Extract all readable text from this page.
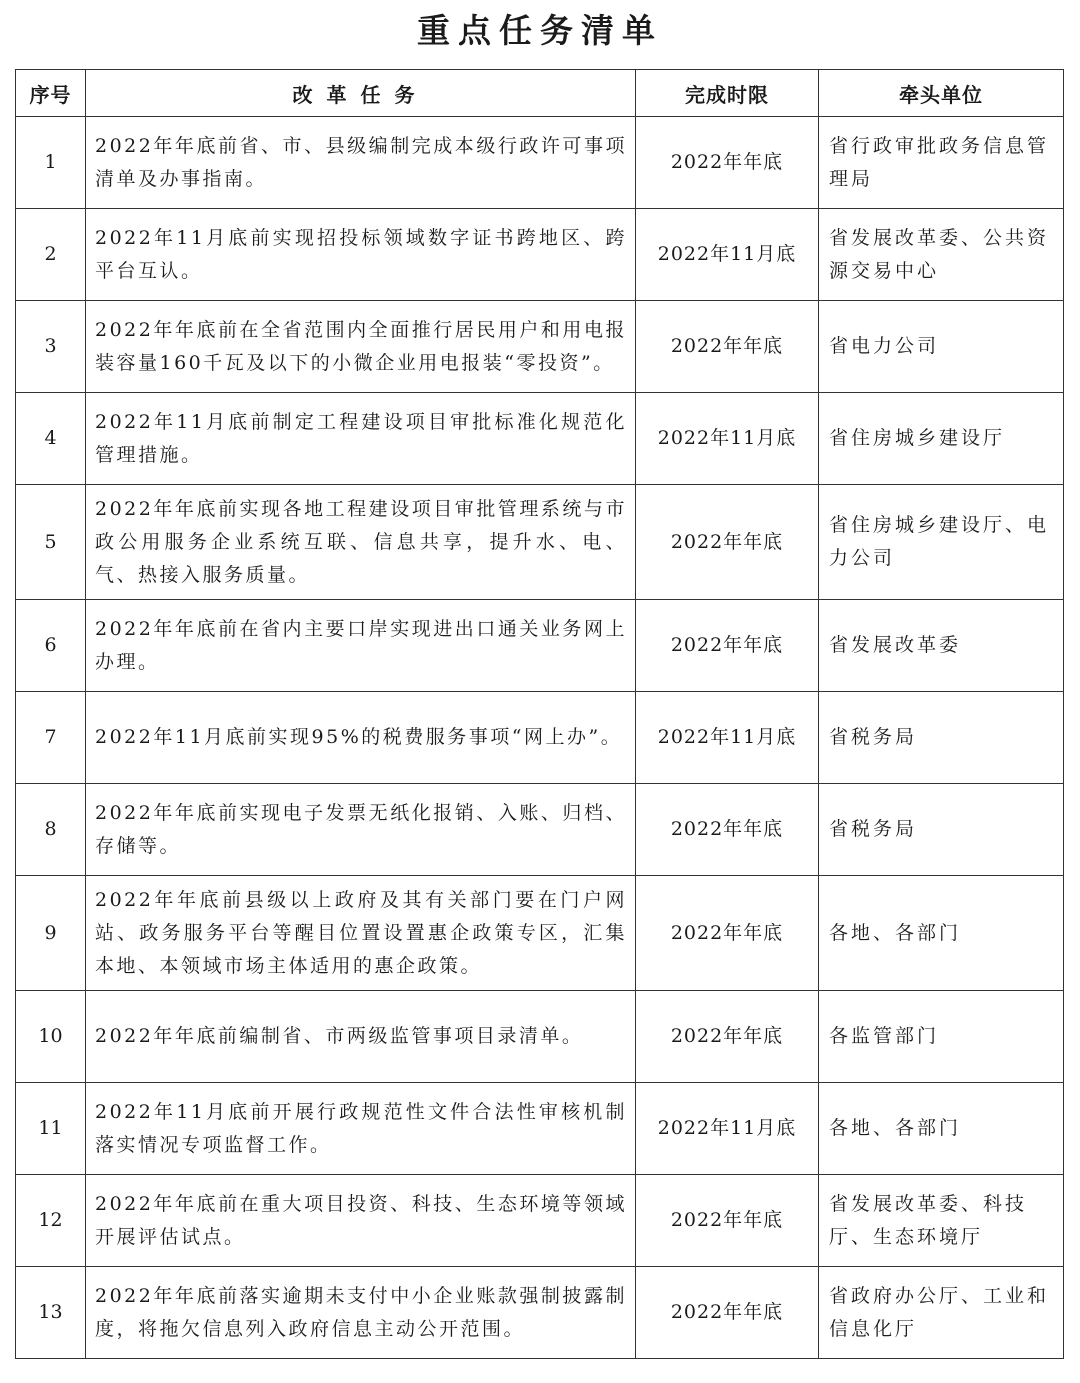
重点任务清单
序号	改革任务	完成时限	牵头单位
1	2022年年底前省、市、县级编制完成本级行政许可事项清单及办事指南。	2022年年底	省行政审批政务信息管理局
2	2022年11月底前实现招投标领域数字证书跨地区、跨平台互认。	2022年11月底	省发展改革委、公共资源交易中心
3	2022年年底前在全省范围内全面推行居民用户和用电报装容量160千瓦及以下的小微企业用电报装“零投资”。	2022年年底	省电力公司
4	2022年11月底前制定工程建设项目审批标准化规范化管理措施。	2022年11月底	省住房城乡建设厅
5	2022年年底前实现各地工程建设项目审批管理系统与市政公用服务企业系统互联、信息共享，提升水、电、气、热接入服务质量。	2022年年底	省住房城乡建设厅、电力公司
6	2022年年底前在省内主要口岸实现进出口通关业务网上办理。	2022年年底	省发展改革委
7	2022年11月底前实现95%的税费服务事项“网上办”。	2022年11月底	省税务局
8	2022年年底前实现电子发票无纸化报销、入账、归档、存储等。	2022年年底	省税务局
9	2022年年底前县级以上政府及其有关部门要在门户网站、政务服务平台等醒目位置设置惠企政策专区，汇集本地、本领域市场主体适用的惠企政策。	2022年年底	各地、各部门
10	2022年年底前编制省、市两级监管事项目录清单。	2022年年底	各监管部门
11	2022年11月底前开展行政规范性文件合法性审核机制落实情况专项监督工作。	2022年11月底	各地、各部门
12	2022年年底前在重大项目投资、科技、生态环境等领域开展评估试点。	2022年年底	省发展改革委、科技厅、生态环境厅
13	2022年年底前落实逾期未支付中小企业账款强制披露制度，将拖欠信息列入政府信息主动公开范围。	2022年年底	省政府办公厅、工业和信息化厅
